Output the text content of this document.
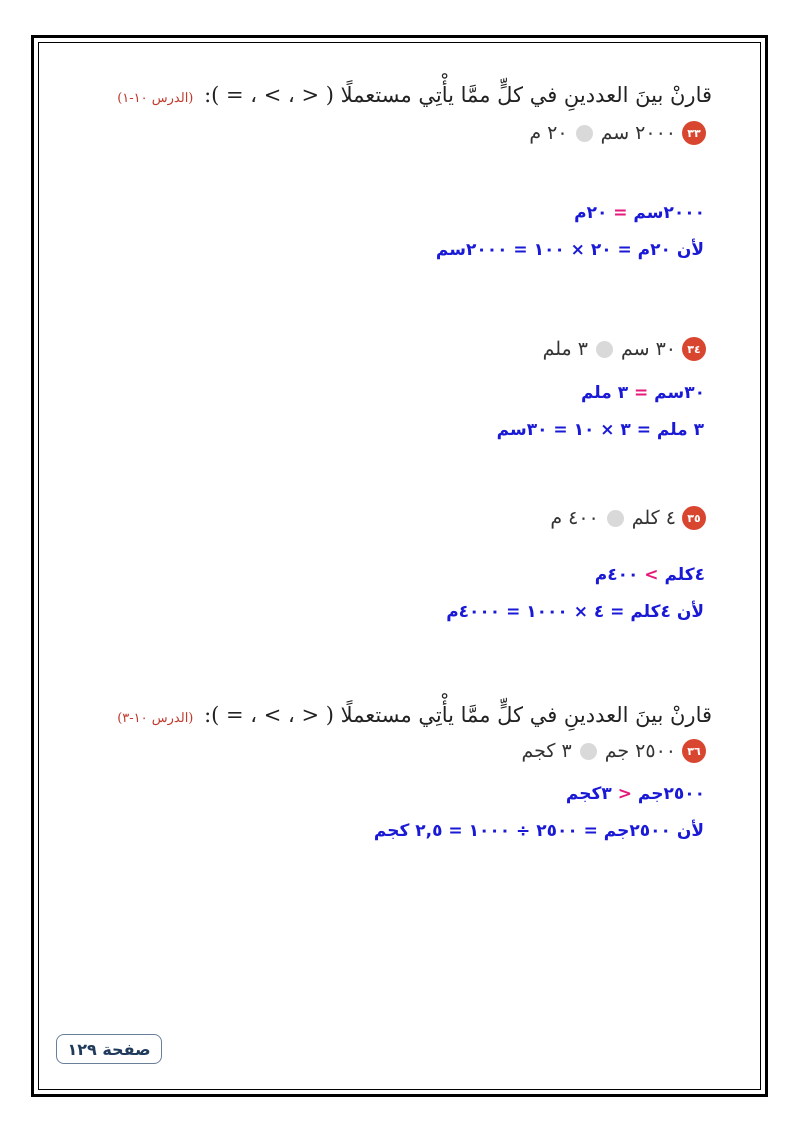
قارنْ بينَ العددينِ في كلٍّ ممَّا يأْتِي مستعملًا ( < ، > ، = ): (الدرس ١٠-١)
٣٣
٢٠٠٠ سم
٢٠ م
٢٠٠٠سم = ٢٠م
لأن ٢٠م = ٢٠ × ١٠٠ = ٢٠٠٠سم
٣٤
٣٠ سم
٣ ملم
٣٠سم = ٣ ملم
٣ ملم = ٣ × ١٠ = ٣٠سم
٣٥
٤ كلم
٤٠٠ م
٤كلم > ٤٠٠م
لأن ٤كلم = ٤ × ١٠٠٠ = ٤٠٠٠م
قارنْ بينَ العددينِ في كلٍّ ممَّا يأْتِي مستعملًا ( < ، > ، = ): (الدرس ١٠-٣)
٣٦
٢٥٠٠ جم
٣ كجم
٢٥٠٠جم < ٣كجم
لأن ٢٥٠٠جم = ٢٥٠٠ ÷ ١٠٠٠ = ٢,٥ كجم
صفحة ١٢٩
